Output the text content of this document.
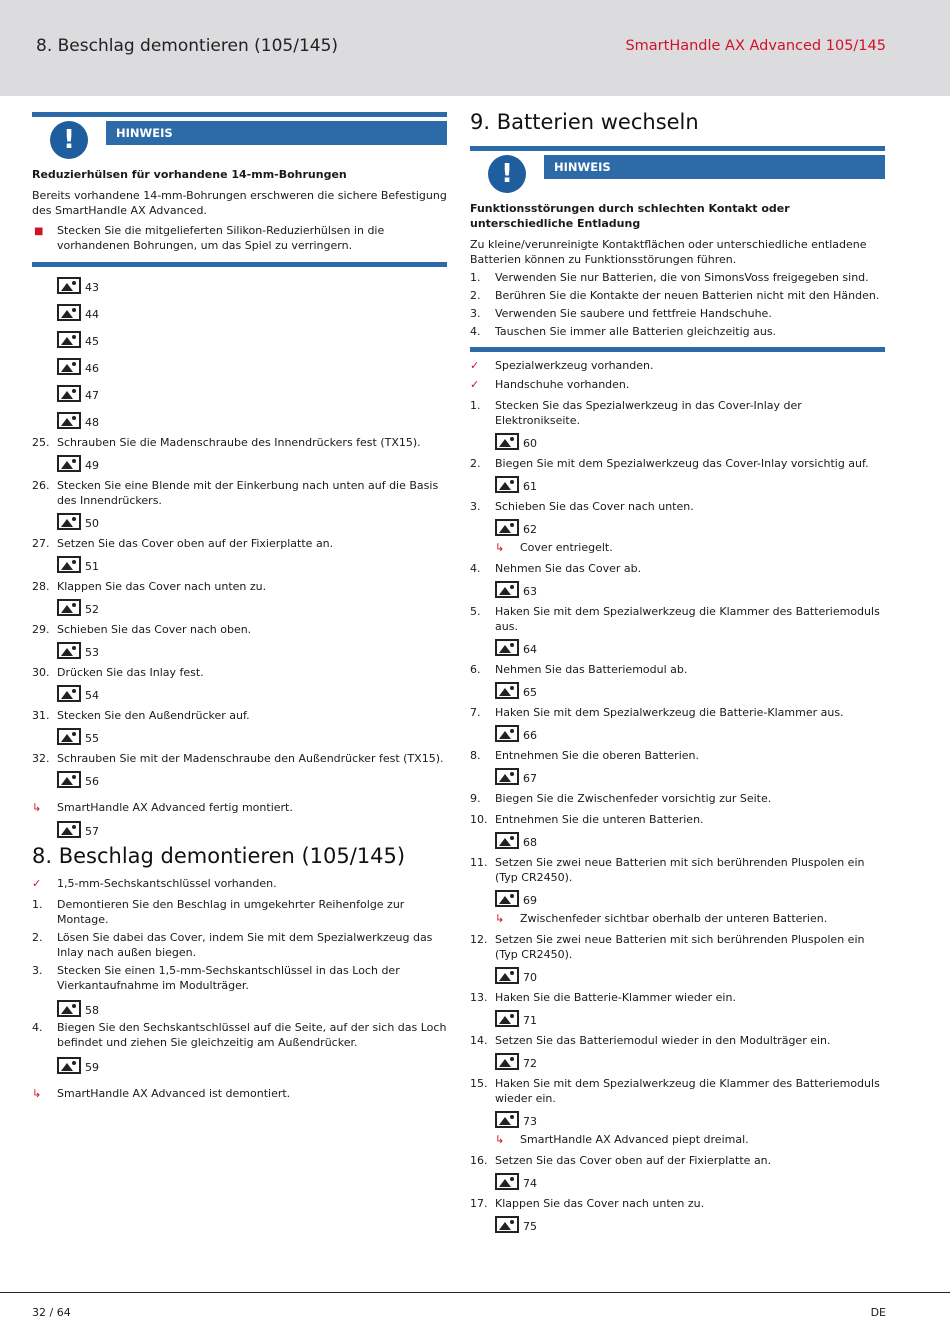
8. Beschlag demontieren (105/145)	SmartHandle AX Advanced 105/145
!	HINWEIS
Reduzierhülsen für vorhandene 14-mm-Bohrungen
Bereits vorhandene 14-mm-Bohrungen erschweren die sichere Befestigung des SmartHandle AX Advanced.
■ Stecken Sie die mitgelieferten Silikon-Reduzierhülsen in die vorhandenen Bohrungen, um das Spiel zu verringern.
43
44
45
46
47
48
25. Schrauben Sie die Madenschraube des Innendrückers fest (TX15).
49
26. Stecken Sie eine Blende mit der Einkerbung nach unten auf die Basis des Innendrückers.
50
27. Setzen Sie das Cover oben auf der Fixierplatte an.
51
28. Klappen Sie das Cover nach unten zu.
52
29. Schieben Sie das Cover nach oben.
53
30. Drücken Sie das Inlay fest.
54
31. Stecken Sie den Außendrücker auf.
55
32. Schrauben Sie mit der Madenschraube den Außendrücker fest (TX15).
56
↳ SmartHandle AX Advanced fertig montiert.
57
8. Beschlag demontieren (105/145)
✓ 1,5-mm-Sechskantschlüssel vorhanden.
1. Demontieren Sie den Beschlag in umgekehrter Reihenfolge zur Montage.
2. Lösen Sie dabei das Cover, indem Sie mit dem Spezialwerkzeug das Inlay nach außen biegen.
3. Stecken Sie einen 1,5-mm-Sechskantschlüssel in das Loch der Vierkantaufnahme im Modulträger.
58
4. Biegen Sie den Sechskantschlüssel auf die Seite, auf der sich das Loch befindet und ziehen Sie gleichzeitig am Außendrücker.
59
↳ SmartHandle AX Advanced ist demontiert.
9. Batterien wechseln
!	HINWEIS
Funktionsstörungen durch schlechten Kontakt oder unterschiedliche Entladung
Zu kleine/verunreinigte Kontaktflächen oder unterschiedliche entladene Batterien können zu Funktionsstörungen führen.
1. Verwenden Sie nur Batterien, die von SimonsVoss freigegeben sind.
2. Berühren Sie die Kontakte der neuen Batterien nicht mit den Händen.
3. Verwenden Sie saubere und fettfreie Handschuhe.
4. Tauschen Sie immer alle Batterien gleichzeitig aus.
✓ Spezialwerkzeug vorhanden.
✓ Handschuhe vorhanden.
1. Stecken Sie das Spezialwerkzeug in das Cover-Inlay der Elektronikseite.
60
2. Biegen Sie mit dem Spezialwerkzeug das Cover-Inlay vorsichtig auf.
61
3. Schieben Sie das Cover nach unten.
62
↳ Cover entriegelt.
4. Nehmen Sie das Cover ab.
63
5. Haken Sie mit dem Spezialwerkzeug die Klammer des Batteriemoduls aus.
64
6. Nehmen Sie das Batteriemodul ab.
65
7. Haken Sie mit dem Spezialwerkzeug die Batterie-Klammer aus.
66
8. Entnehmen Sie die oberen Batterien.
67
9. Biegen Sie die Zwischenfeder vorsichtig zur Seite.
10. Entnehmen Sie die unteren Batterien.
68
11. Setzen Sie zwei neue Batterien mit sich berührenden Pluspolen ein (Typ CR2450).
69
↳ Zwischenfeder sichtbar oberhalb der unteren Batterien.
12. Setzen Sie zwei neue Batterien mit sich berührenden Pluspolen ein (Typ CR2450).
70
13. Haken Sie die Batterie-Klammer wieder ein.
71
14. Setzen Sie das Batteriemodul wieder in den Modulträger ein.
72
15. Haken Sie mit dem Spezialwerkzeug die Klammer des Batteriemoduls wieder ein.
73
↳ SmartHandle AX Advanced piept dreimal.
16. Setzen Sie das Cover oben auf der Fixierplatte an.
74
17. Klappen Sie das Cover nach unten zu.
75
32 / 64	DE
